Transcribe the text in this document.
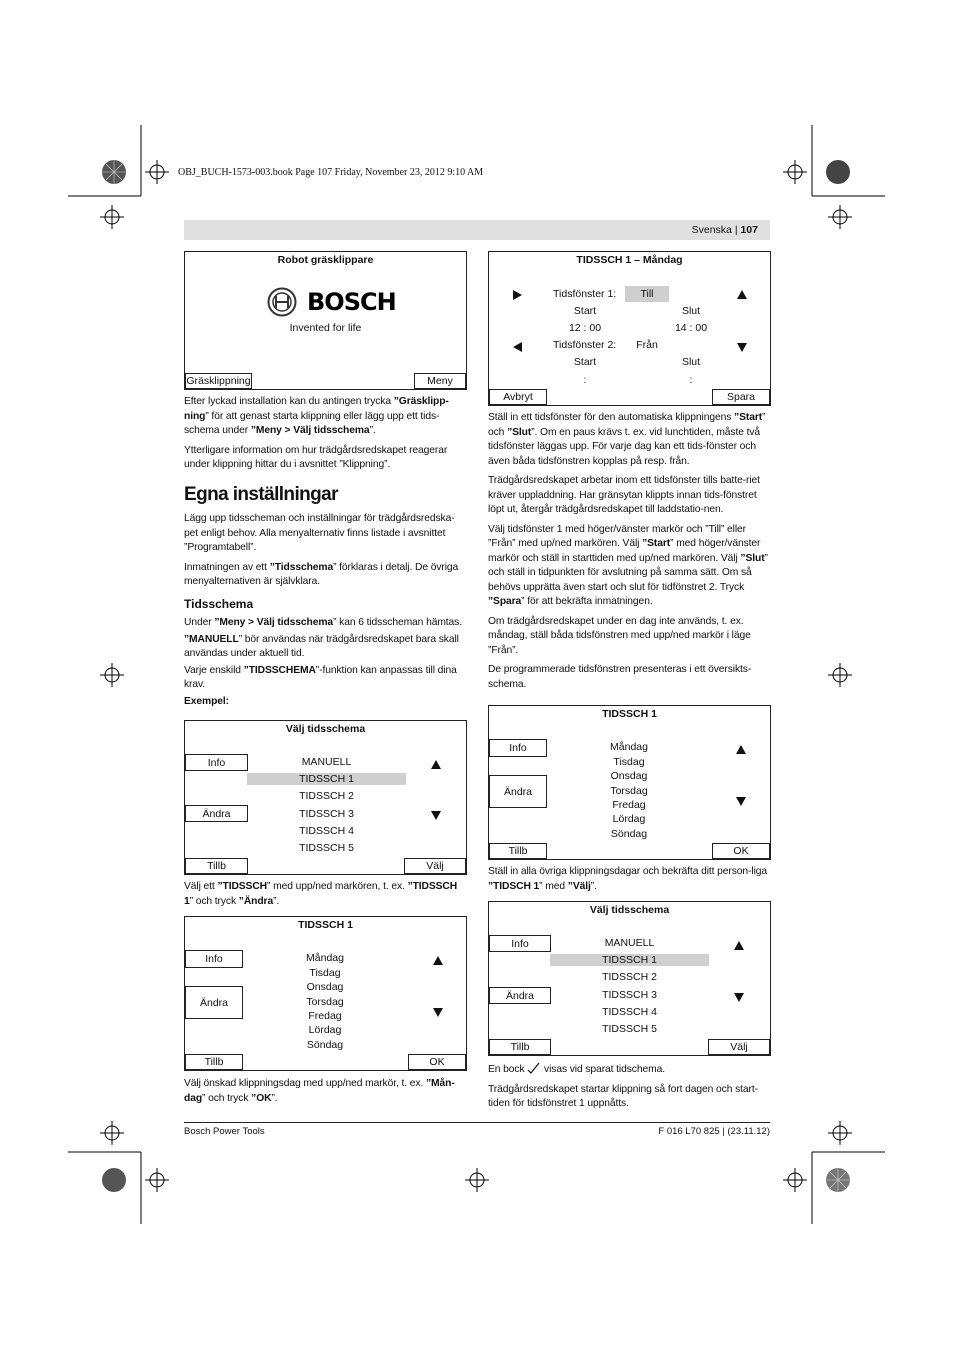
OBJ_BUCH-1573-003.book Page 107 Friday, November 23, 2012 9:10 AM
Svenska | 107
Robot gräsklippare
BOSCH
Invented for life
Gräsklippning	Meny

Efter lyckad installation kan du antingen trycka ”Gräsklipp-ning” för att genast starta klippning eller lägg upp ett tids-schema under ”Meny > Välj tidsschema”.

Ytterligare information om hur trädgårdsredskapet reagerar under klippning hittar du i avsnittet ”Klippning”.

Egna inställningar

Lägg upp tidsscheman och inställningar för trädgårdsredska-pet enligt behov. Alla menyalternativ finns listade i avsnittet ”Programtabell”.

Inmatningen av ett ”Tidsschema” förklaras i detalj. De övriga menyalternativen är självklara.

Tidsschema

Under ”Meny > Välj tidsschema” kan 6 tidsscheman hämtas.

”MANUELL” bör användas när trädgårdsredskapet bara skall användas under aktuell tid.

Varje enskild ”TIDSSCHEMA”-funktion kan anpassas till dina krav.

Exempel:

Välj tidsschema
Info
Ändra
MANUELL
TIDSSCH 1
TIDSSCH 2
TIDSSCH 3
TIDSSCH 4
TIDSSCH 5
Tillb	Välj

Välj ett ”TIDSSCH” med upp/ned markören, t. ex. ”TIDSSCH 1” och tryck ”Ändra”.

TIDSSCH 1
Info
Ändra
Måndag
Tisdag
Onsdag
Torsdag
Fredag
Lördag
Söndag
Tillb	OK

Välj önskad klippningsdag med upp/ned markör, t. ex. ”Mån-dag” och tryck ”OK”.

TIDSSCH 1 – Måndag
Tidsfönster 1:	Till
Start	Slut
12 : 00	14 : 00
Tidsfönster 2:	Från
Start	Slut
:	:
Avbryt	Spara

Ställ in ett tidsfönster för den automatiska klippningens ”Start” och ”Slut”. Om en paus krävs t. ex. vid lunchtiden, måste två tidsfönster läggas upp. För varje dag kan ett tids-fönster och även båda tidsfönstren kopplas på resp. från.

Trädgårdsredskapet arbetar inom ett tidsfönster tills batte-riet kräver uppladdning. Har gränsytan klippts innan tids-fönstret löpt ut, återgår trädgårdsredskapet till laddstatio-nen.

Välj tidsfönster 1 med höger/vänster markör och ”Till” eller ”Från” med up/ned markören. Välj ”Start” med höger/vänster markör och ställ in starttiden med up/ned markören. Välj ”Slut” och ställ in tidpunkten för avslutning på samma sätt. Om så behövs upprätta även start och slut för tidfönstret 2. Tryck ”Spara” för att bekräfta inmatningen.

Om trädgårdsredskapet under en dag inte används, t. ex. måndag, ställ båda tidsfönstren med upp/ned markör i läge ”Från”.

De programmerade tidsfönstren presenteras i ett översikts-schema.

TIDSSCH 1
Info
Ändra
Måndag
Tisdag
Onsdag
Torsdag
Fredag
Lördag
Söndag
Tillb	OK

Ställ in alla övriga klippningsdagar och bekräfta ditt person-liga ”TIDSCH 1” med ”Välj”.

Välj tidsschema
Info
Ändra
MANUELL
TIDSSCH 1
TIDSSCH 2
TIDSSCH 3
TIDSSCH 4
TIDSSCH 5
Tillb	Välj

En bock  visas vid sparat tidschema.

Trädgårdsredskapet startar klippning så fort dagen och start-tiden för tidsfönstret 1 uppnåtts.

Bosch Power Tools	F 016 L70 825 | (23.11.12)
